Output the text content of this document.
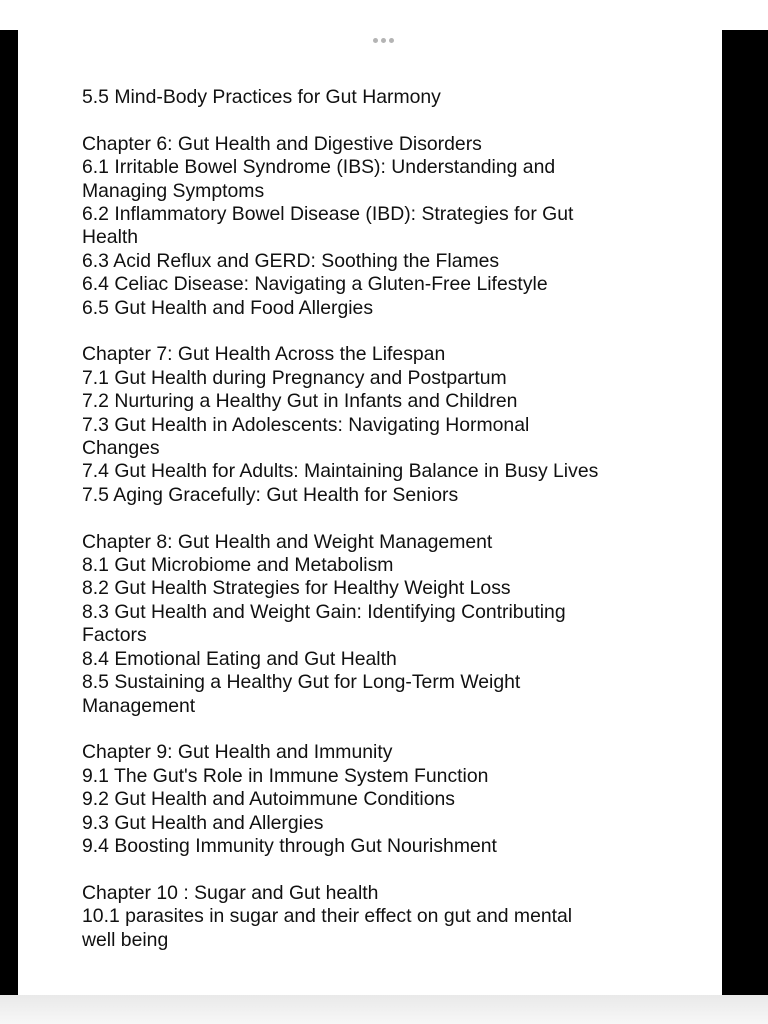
5.5 Mind-Body Practices for Gut Harmony
Chapter 6: Gut Health and Digestive Disorders
6.1 Irritable Bowel Syndrome (IBS): Understanding and
Managing Symptoms
6.2 Inflammatory Bowel Disease (IBD): Strategies for Gut
Health
6.3 Acid Reflux and GERD: Soothing the Flames
6.4 Celiac Disease: Navigating a Gluten-Free Lifestyle
6.5 Gut Health and Food Allergies
Chapter 7: Gut Health Across the Lifespan
7.1 Gut Health during Pregnancy and Postpartum
7.2 Nurturing a Healthy Gut in Infants and Children
7.3 Gut Health in Adolescents: Navigating Hormonal
Changes
7.4 Gut Health for Adults: Maintaining Balance in Busy Lives
7.5 Aging Gracefully: Gut Health for Seniors
Chapter 8: Gut Health and Weight Management
8.1 Gut Microbiome and Metabolism
8.2 Gut Health Strategies for Healthy Weight Loss
8.3 Gut Health and Weight Gain: Identifying Contributing
Factors
8.4 Emotional Eating and Gut Health
8.5 Sustaining a Healthy Gut for Long-Term Weight
Management
Chapter 9: Gut Health and Immunity
9.1 The Gut's Role in Immune System Function
9.2 Gut Health and Autoimmune Conditions
9.3 Gut Health and Allergies
9.4 Boosting Immunity through Gut Nourishment
Chapter 10 : Sugar and Gut health
10.1 parasites in sugar and their effect on gut and mental
well being
